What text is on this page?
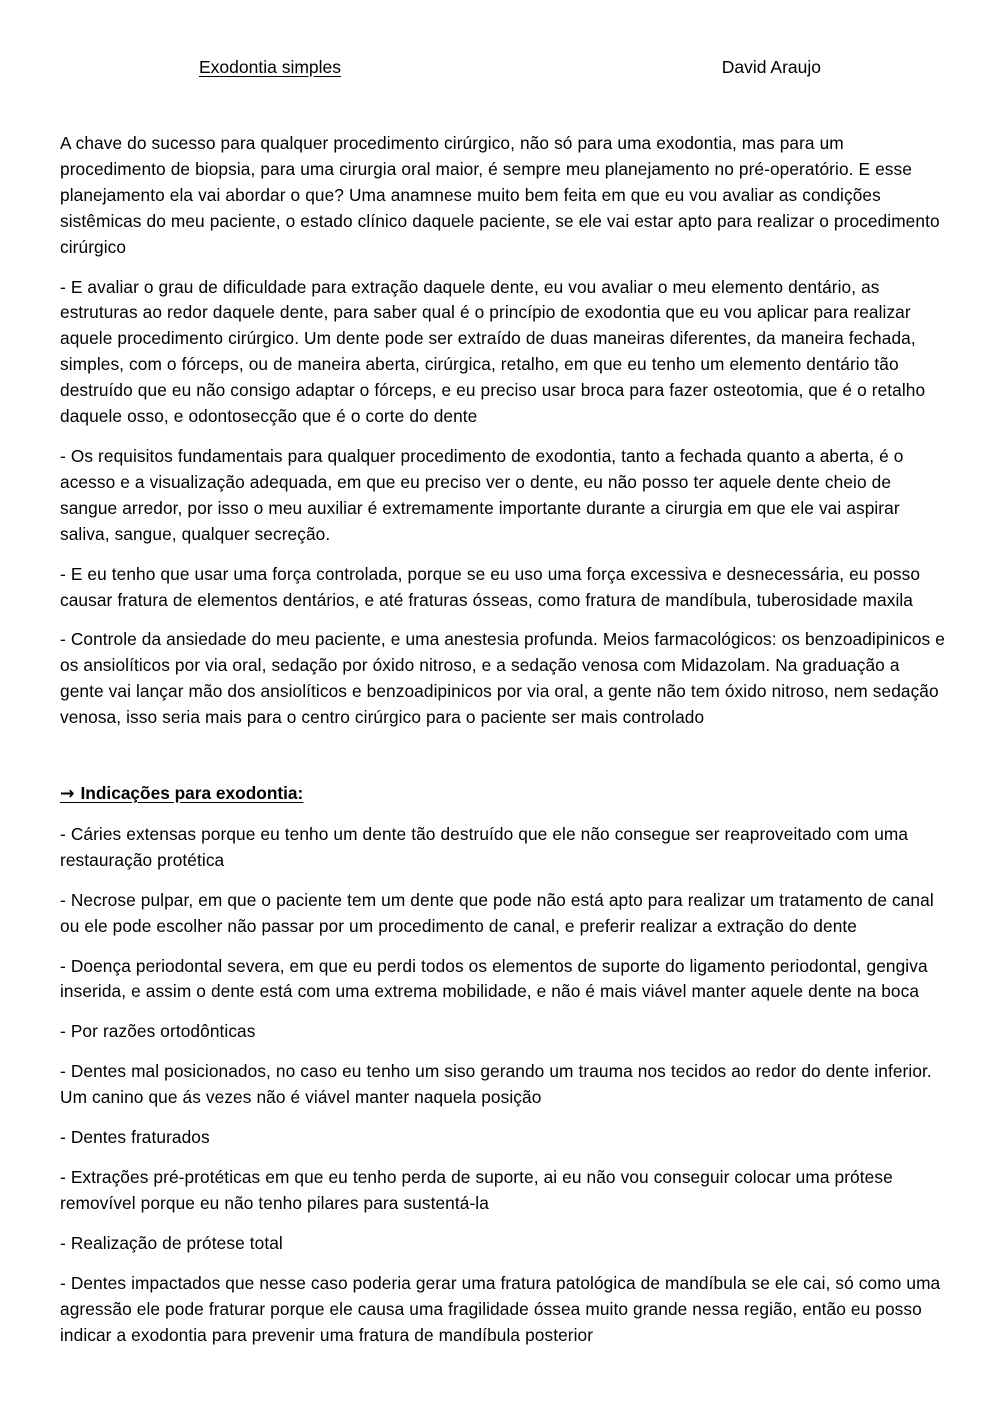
Exodontia simples	David Araujo

A chave do sucesso para qualquer procedimento cirúrgico, não só para uma exodontia, mas para um procedimento de biopsia, para uma cirurgia oral maior, é sempre meu planejamento no pré-operatório. E esse planejamento ela vai abordar o que? Uma anamnese muito bem feita em que eu vou avaliar as condições sistêmicas do meu paciente, o estado clínico daquele paciente, se ele vai estar apto para realizar o procedimento cirúrgico

- E avaliar o grau de dificuldade para extração daquele dente, eu vou avaliar o meu elemento dentário, as estruturas ao redor daquele dente, para saber qual é o princípio de exodontia que eu vou aplicar para realizar aquele procedimento cirúrgico. Um dente pode ser extraído de duas maneiras diferentes, da maneira fechada, simples, com o fórceps, ou de maneira aberta, cirúrgica, retalho, em que eu tenho um elemento dentário tão destruído que eu não consigo adaptar o fórceps, e eu preciso usar broca para fazer osteotomia, que é o retalho daquele osso, e odontosecção que é o corte do dente

- Os requisitos fundamentais para qualquer procedimento de exodontia, tanto a fechada quanto a aberta, é o acesso e a visualização adequada, em que eu preciso ver o dente, eu não posso ter aquele dente cheio de sangue arredor, por isso o meu auxiliar é extremamente importante durante a cirurgia em que ele vai aspirar saliva, sangue, qualquer secreção.

- E eu tenho que usar uma força controlada, porque se eu uso uma força excessiva e desnecessária, eu posso causar fratura de elementos dentários, e até fraturas ósseas, como fratura de mandíbula, tuberosidade maxila

- Controle da ansiedade do meu paciente, e uma anestesia profunda. Meios farmacológicos: os benzoadipinicos e os ansiolíticos por via oral, sedação por óxido nitroso, e a sedação venosa com Midazolam. Na graduação a gente vai lançar mão dos ansiolíticos e benzoadipinicos por via oral, a gente não tem óxido nitroso, nem sedação venosa, isso seria mais para o centro cirúrgico para o paciente ser mais controlado

→ Indicações para exodontia:

- Cáries extensas porque eu tenho um dente tão destruído que ele não consegue ser reaproveitado com uma restauração protética

- Necrose pulpar, em que o paciente tem um dente que pode não está apto para realizar um tratamento de canal ou ele pode escolher não passar por um procedimento de canal, e preferir realizar a extração do dente

- Doença periodontal severa, em que eu perdi todos os elementos de suporte do ligamento periodontal, gengiva inserida, e assim o dente está com uma extrema mobilidade, e não é mais viável manter aquele dente na boca

- Por razões ortodônticas

- Dentes mal posicionados, no caso eu tenho um siso gerando um trauma nos tecidos ao redor do dente inferior. Um canino que ás vezes não é viável manter naquela posição

- Dentes fraturados

- Extrações pré-protéticas em que eu tenho perda de suporte, ai eu não vou conseguir colocar uma prótese removível porque eu não tenho pilares para sustentá-la

- Realização de prótese total

- Dentes impactados que nesse caso poderia gerar uma fratura patológica de mandíbula se ele cai, só como uma agressão ele pode fraturar porque ele causa uma fragilidade óssea muito grande nessa região, então eu posso indicar a exodontia para prevenir uma fratura de mandíbula posterior
